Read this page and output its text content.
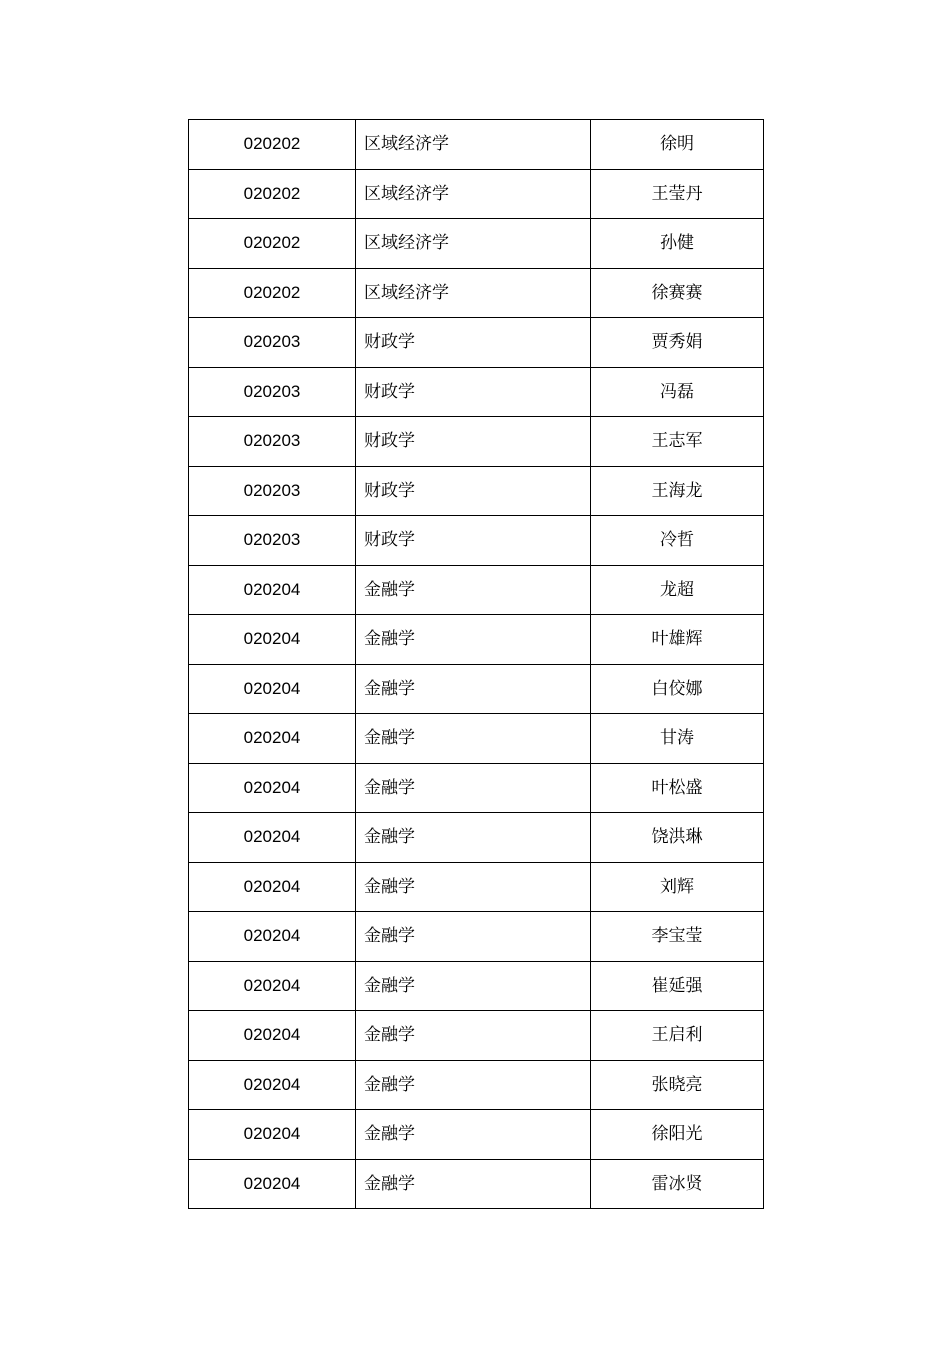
020202	区域经济学	徐明
020202	区域经济学	王莹丹
020202	区域经济学	孙健
020202	区域经济学	徐赛赛
020203	财政学	贾秀娟
020203	财政学	冯磊
020203	财政学	王志军
020203	财政学	王海龙
020203	财政学	冷哲
020204	金融学	龙超
020204	金融学	叶雄辉
020204	金融学	白佼娜
020204	金融学	甘涛
020204	金融学	叶松盛
020204	金融学	饶洪琳
020204	金融学	刘辉
020204	金融学	李宝莹
020204	金融学	崔延强
020204	金融学	王启利
020204	金融学	张晓亮
020204	金融学	徐阳光
020204	金融学	雷冰贤
